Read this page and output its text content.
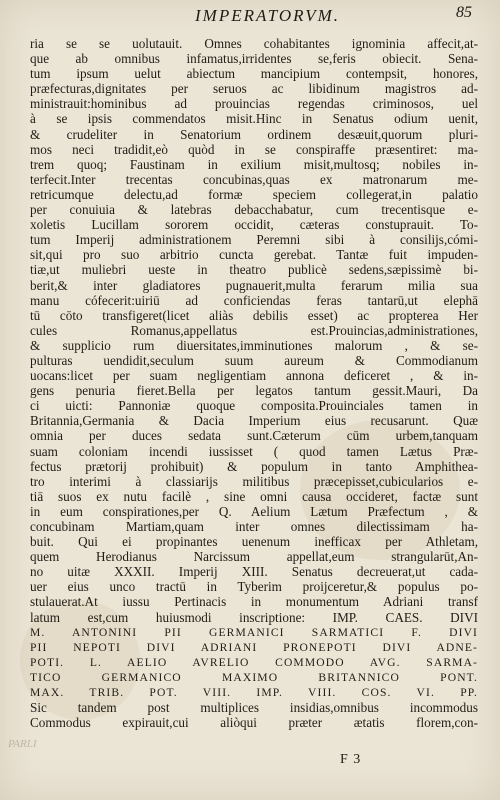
IMPERATORVM.	85
ria se se uolutauit. Omnes cohabitantes ignominia affecit,at-
que ab omnibus infamatus,irridentes se,feris obiecit. Sena-
tum ipsum uelut abiectum mancipium contempsit, honores,
præfecturas,dignitates per seruos ac libidinum magistros ad-
ministrauit:hominibus ad prouincias regendas criminosos, uel
à se ipsis commendatos misit.Hinc in Senatus odium uenit,
& crudeliter in Senatorium ordinem desæuit,quorum pluri-
mos neci tradidit,eò quòd in se conspiraffe præsentiret: ma-
trem quoq; Faustinam in exilium misit,multosq; nobiles in-
terfecit.Inter trecentas concubinas,quas ex matronarum me-
retricumque delectu,ad formæ speciem collegerat,in palatio
per conuiuia & latebras debacchabatur, cum trecentisque e-
xoletis Lucillam sororem occidit, cæteras constuprauit. To-
tum Imperij administrationem Peremni sibi à consilijs,cómi-
sit,qui pro suo arbitrio cuncta gerebat. Tantæ fuit impuden-
tiæ,ut muliebri ueste in theatro publicè sedens,sæpissimè bi-
berit,& inter gladiatores pugnauerit,multa ferarum milia sua
manu cófecerit:uiriū ad conficiendas feras tantarū,ut elephā
tū cōto transfigeret(licet aliàs debilis esset) ac propterea Her
cules Romanus,appellatus est.Prouincias,administrationes,
& supplicio rum diuersitates,imminutiones malorum , & se-
pulturas uendidit,seculum suum aureum & Commodianum
uocans:licet per suam negligentiam annona deficeret , & in-
gens penuria fieret.Bella per legatos tantum gessit.Mauri, Da
ci uicti: Pannoniæ quoque composita.Prouinciales tamen in
Britannia,Germania & Dacia Imperium eius recusarunt. Quæ
omnia per duces sedata sunt.Cæterum cūm urbem,tanquam
suam coloniam incendi iussisset ( quod tamen Lætus Præ-
fectus prætorij prohibuit) & populum in tanto Amphithea-
tro interimi à classiarijs militibus præcepisset,cubicularios e-
tiā suos ex nutu facilè , sine omni causa occideret, factæ sunt
in eum conspirationes,per Q. Aelium Lætum Præfectum , &
concubinam Martiam,quam inter omnes dilectissimam ha-
buit. Qui ei propinantes uenenum inefficax per Athletam,
quem Herodianus Narcissum appellat,eum strangularūt,An-
no uitæ XXXII. Imperij XIII. Senatus decreuerat,ut cada-
uer eius unco tractū in Tyberim proijceretur,& populus po-
stulauerat.At iussu Pertinacis in monumentum Adriani transf
latum est,cum huiusmodi inscriptione: IMP. CAES. DIVI
M. ANTONINI PII GERMANICI SARMATICI F. DIVI
PII NEPOTI DIVI ADRIANI PRONEPOTI DIVI ADNE-
POTI. L. AELIO AVRELIO COMMODO AVG. SARMA-
TICO GERMANICO MAXIMO BRITANNICO PONT.
MAX. TRIB. POT. VIII. IMP. VIII. COS. VI. PP.
Sic tandem post multiplices insidias,omnibus incommodus
Commodus expirauit,cui aliòqui præter ætatis florem,con-
PARLI
F 3
